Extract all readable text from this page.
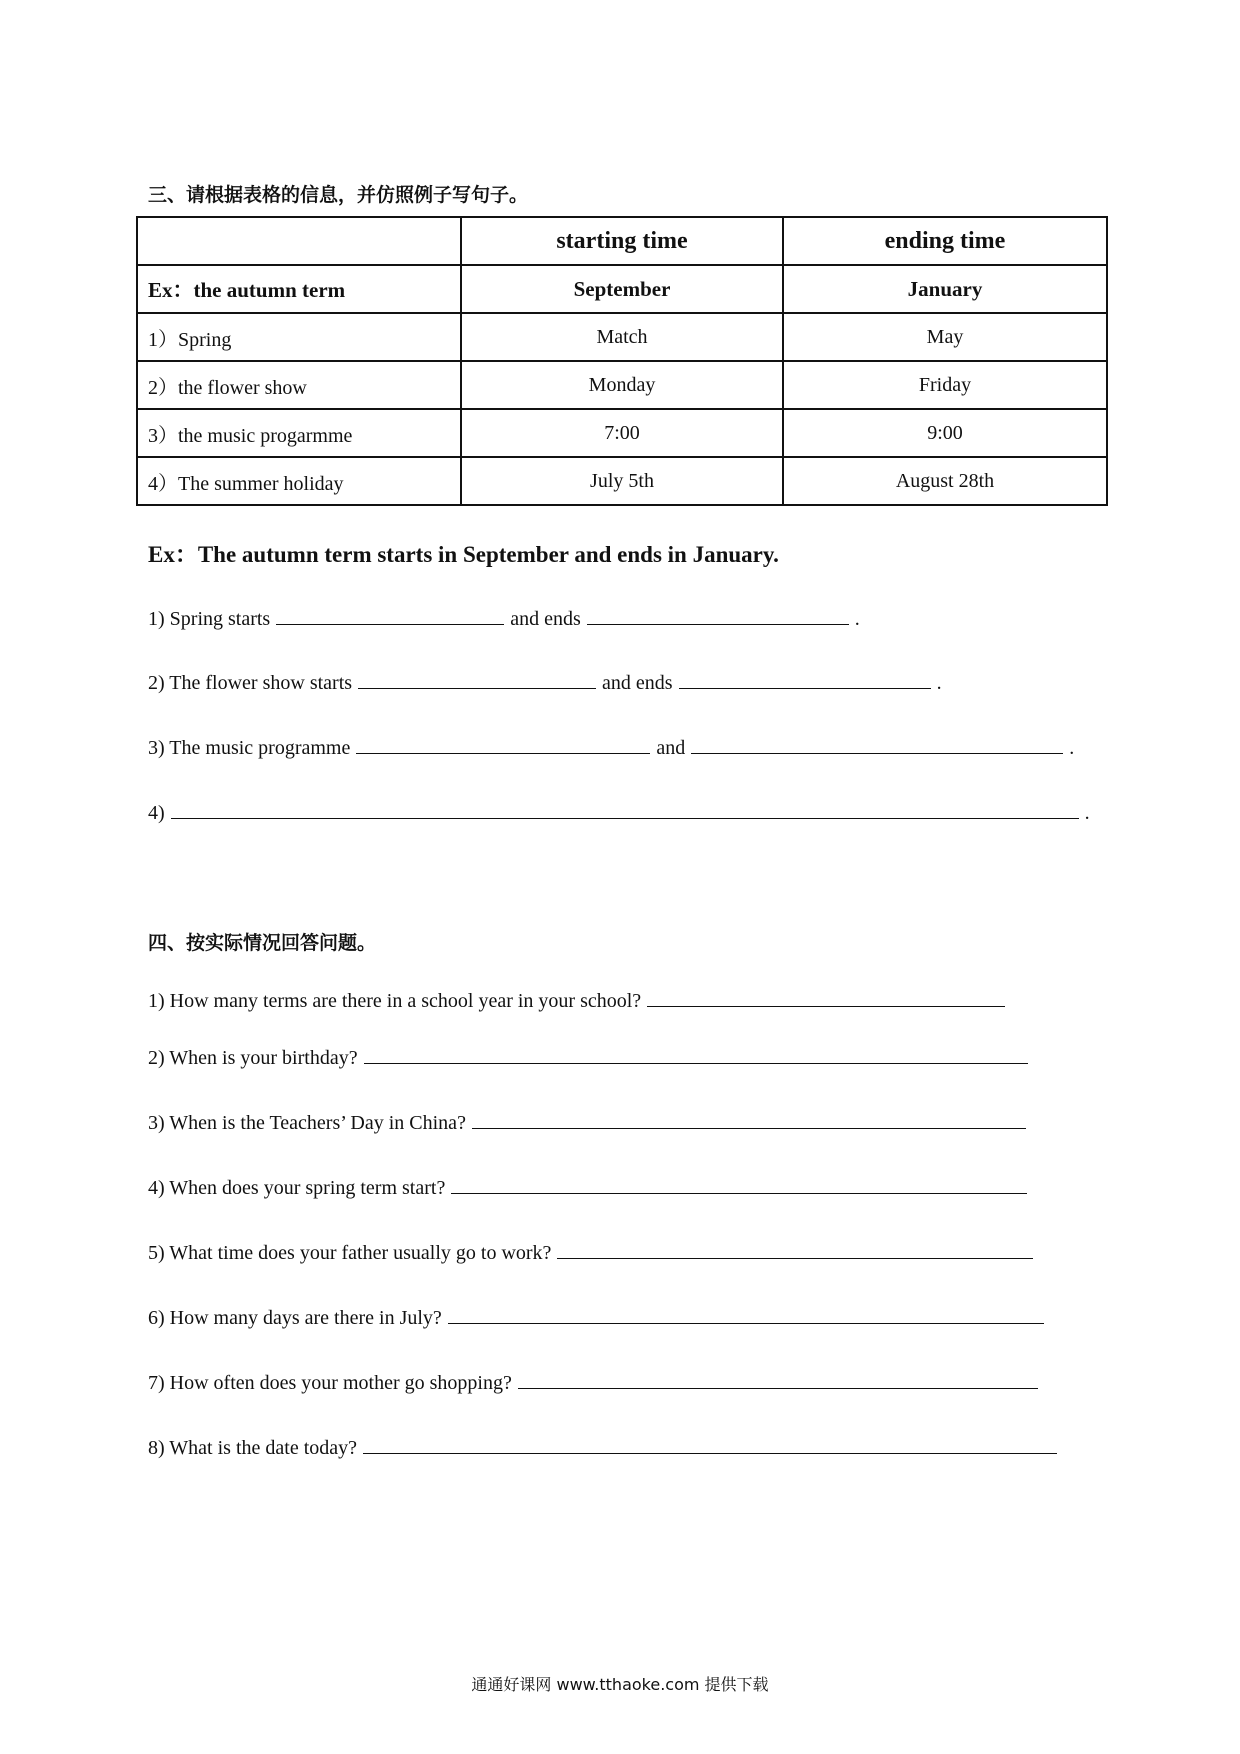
三、请根据表格的信息，并仿照例子写句子。
	starting time	ending time
Ex：the autumn term	September	January
1）Spring	Match	May
2）the flower show	Monday	Friday
3）the music progarmme	7:00	9:00
4）The summer holiday	July 5th	August 28th
Ex：The autumn term starts in September and ends in January.
1) Spring starts	and ends	.
2) The flower show starts	and ends	.
3) The music programme	and	.
4)	.
四、按实际情况回答问题。
1) How many terms are there in a school year in your school?
2) When is your birthday?
3) When is the Teachers’ Day in China?
4) When does your spring term start?
5) What time does your father usually go to work?
6) How many days are there in July?
7) How often does your mother go shopping?
8) What is the date today?
通通好课网 www.tthaoke.com 提供下载
